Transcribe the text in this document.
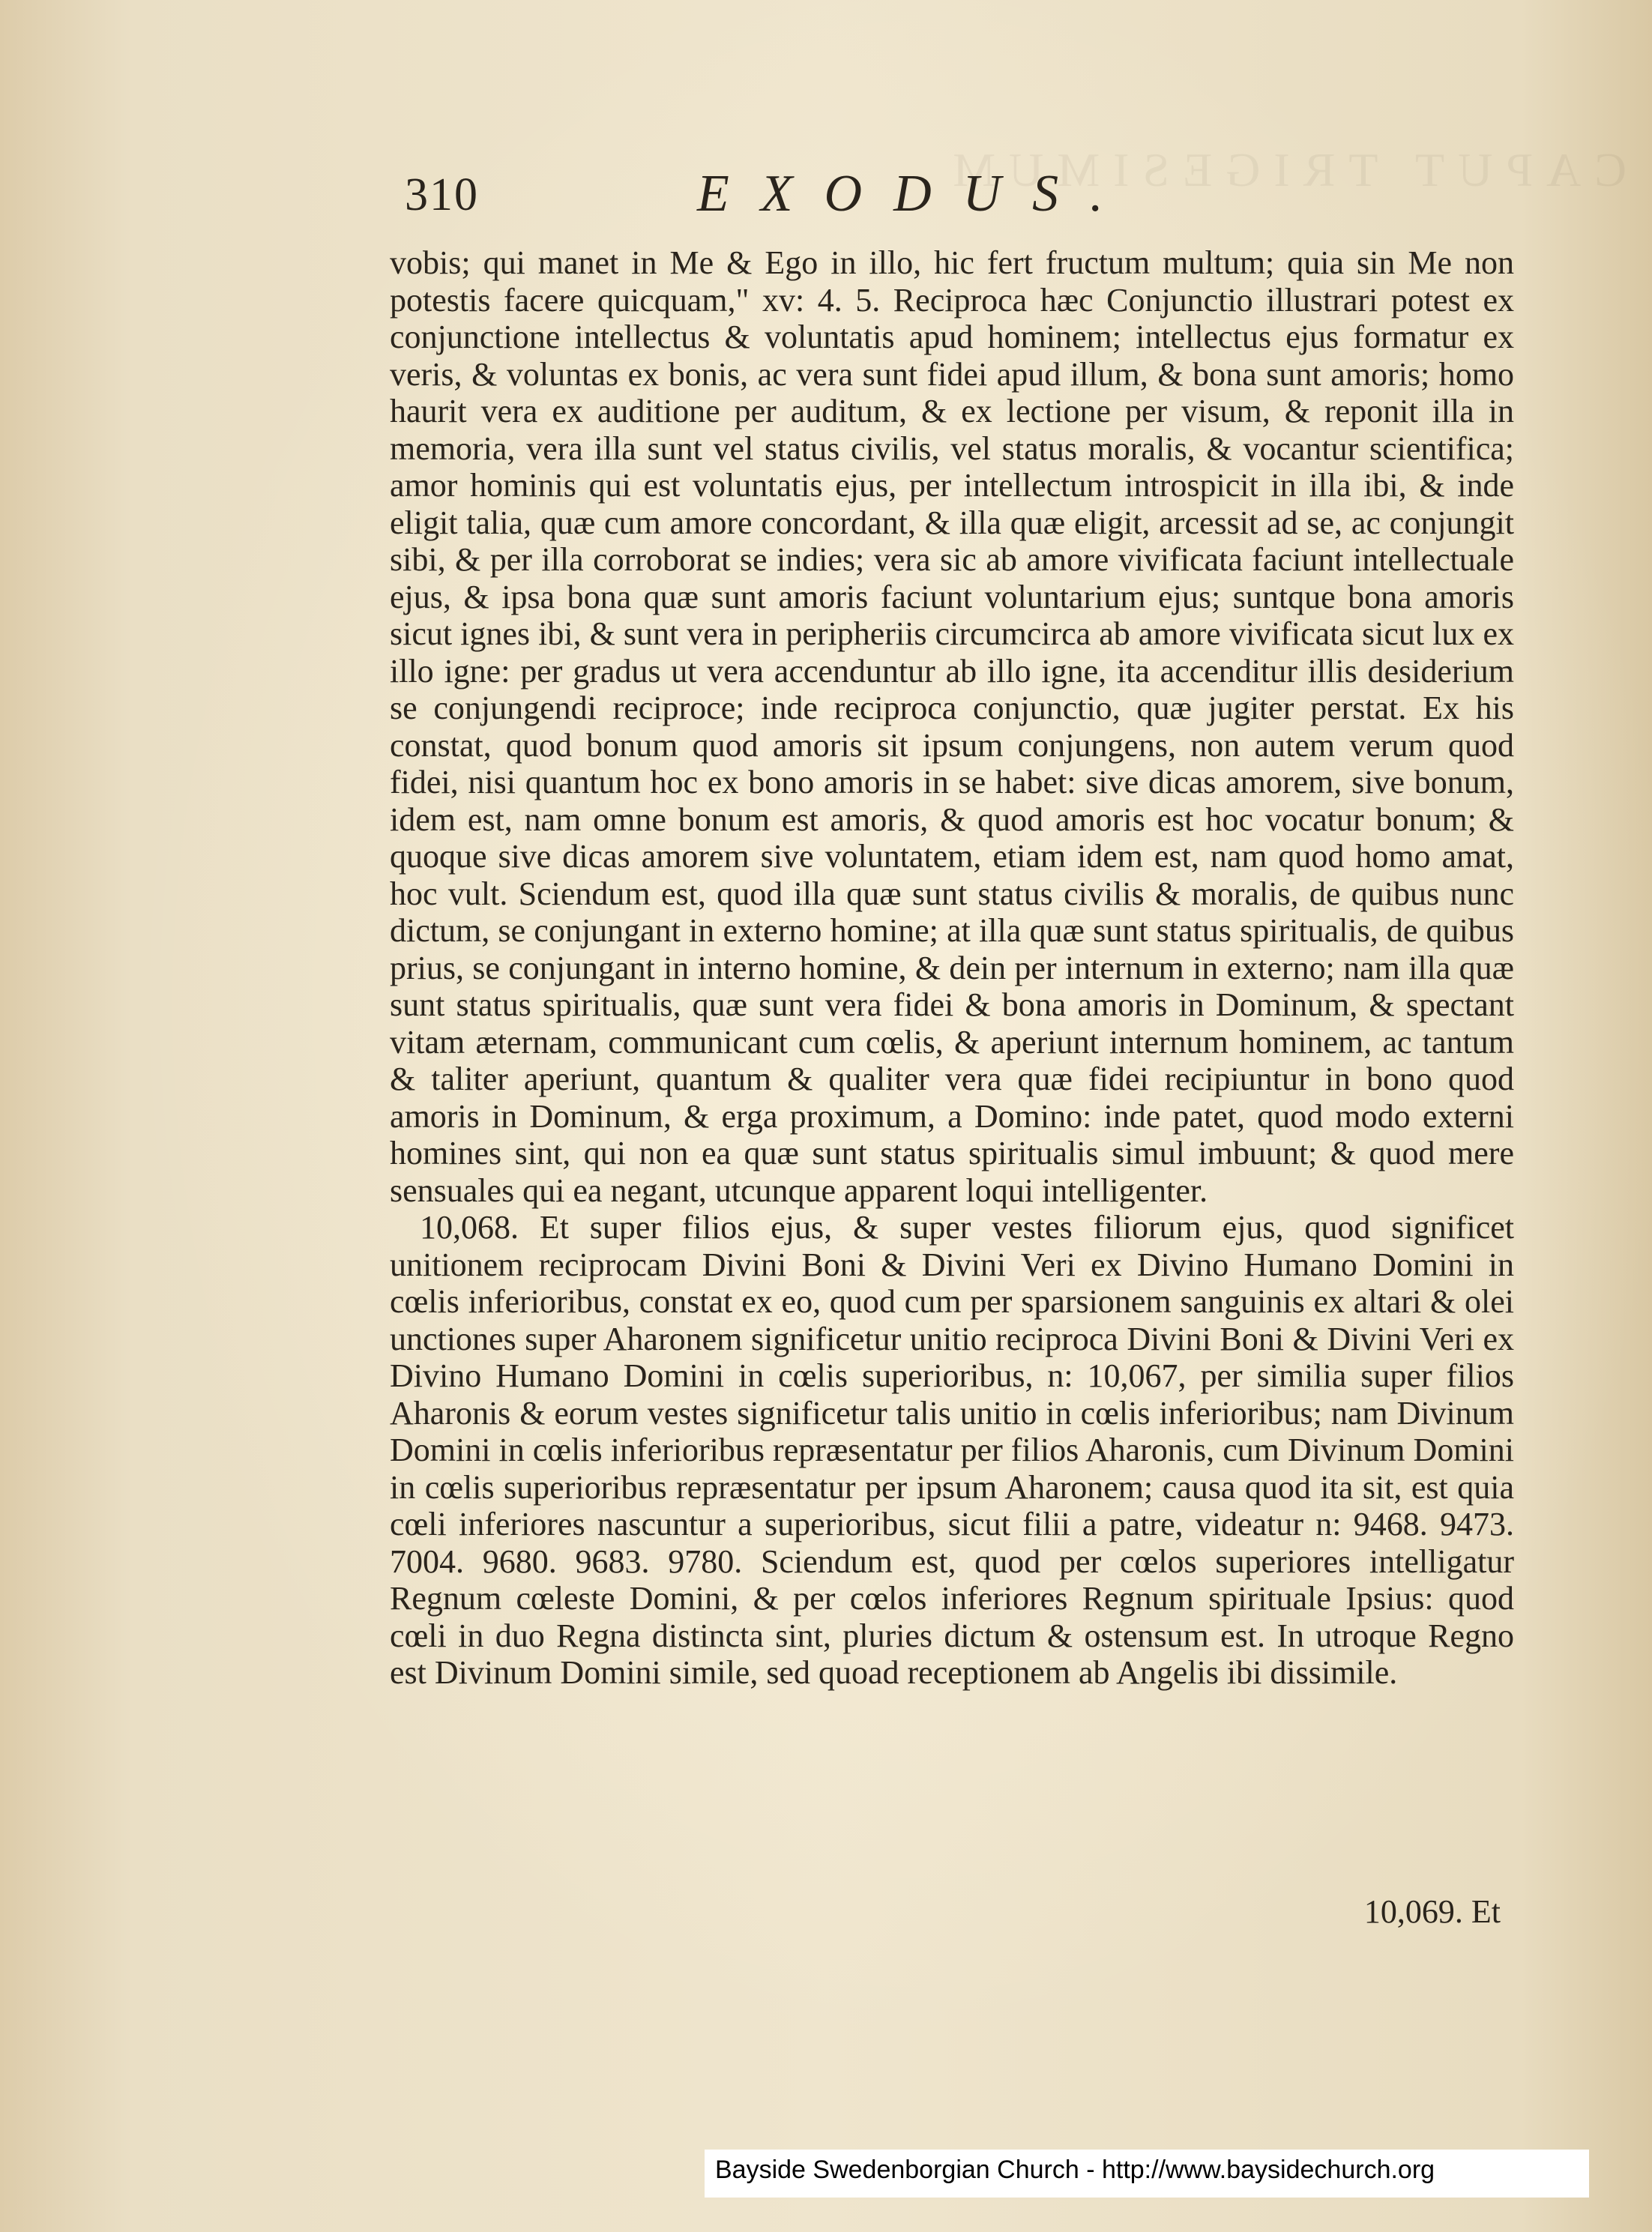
CAPUT TRIGESIMUM
310	EXODUS.

vobis; qui manet in Me & Ego in illo, hic fert fructum multum; quia sin Me non potestis facere quicquam," xv: 4. 5. Reciproca hæc Conjunctio illustrari potest ex conjunctione intellectus & voluntatis apud hominem; intellectus ejus formatur ex veris, & voluntas ex bonis, ac vera sunt fidei apud illum, & bona sunt amoris; homo haurit vera ex auditione per auditum, & ex lectione per visum, & reponit illa in memoria, vera illa sunt vel status civilis, vel status moralis, & vocantur scientifica; amor hominis qui est voluntatis ejus, per intellectum introspicit in illa ibi, & inde eligit talia, quæ cum amore concordant, & illa quæ eligit, arcessit ad se, ac conjungit sibi, & per illa corroborat se indies; vera sic ab amore vivificata faciunt intellectuale ejus, & ipsa bona quæ sunt amoris faciunt voluntarium ejus; suntque bona amoris sicut ignes ibi, & sunt vera in peripheriis circumcirca ab amore vivificata sicut lux ex illo igne: per gradus ut vera accenduntur ab illo igne, ita accenditur illis desiderium se conjungendi reciproce; inde reciproca conjunctio, quæ jugiter perstat. Ex his constat, quod bonum quod amoris sit ipsum conjungens, non autem verum quod fidei, nisi quantum hoc ex bono amoris in se habet: sive dicas amorem, sive bonum, idem est, nam omne bonum est amoris, & quod amoris est hoc vocatur bonum; & quoque sive dicas amorem sive voluntatem, etiam idem est, nam quod homo amat, hoc vult. Sciendum est, quod illa quæ sunt status civilis & moralis, de quibus nunc dictum, se conjungant in externo homine; at illa quæ sunt status spiritualis, de quibus prius, se conjungant in interno homine, & dein per internum in externo; nam illa quæ sunt status spiritualis, quæ sunt vera fidei & bona amoris in Dominum, & spectant vitam æternam, communicant cum cœlis, & aperiunt internum hominem, ac tantum & taliter aperiunt, quantum & qualiter vera quæ fidei recipiuntur in bono quod amoris in Dominum, & erga proximum, a Domino: inde patet, quod modo externi homines sint, qui non ea quæ sunt status spiritualis simul imbuunt; & quod mere sensuales qui ea negant, utcunque apparent loqui intelligenter.

10,068. Et super filios ejus, & super vestes filiorum ejus, quod significet unitionem reciprocam Divini Boni & Divini Veri ex Divino Humano Domini in cœlis inferioribus, constat ex eo, quod cum per sparsionem sanguinis ex altari & olei unctiones super Aharonem significetur unitio reciproca Divini Boni & Divini Veri ex Divino Humano Domini in cœlis superioribus, n: 10,067, per similia super filios Aharonis & eorum vestes significetur talis unitio in cœlis inferioribus; nam Divinum Domini in cœlis inferioribus repræsentatur per filios Aharonis, cum Divinum Domini in cœlis superioribus repræsentatur per ipsum Aharonem; causa quod ita sit, est quia cœli inferiores nascuntur a superioribus, sicut filii a patre, videatur n: 9468. 9473. 7004. 9680. 9683. 9780. Sciendum est, quod per cœlos superiores intelligatur Regnum cœleste Domini, & per cœlos inferiores Regnum spirituale Ipsius: quod cœli in duo Regna distincta sint, pluries dictum & ostensum est. In utroque Regno est Divinum Domini simile, sed quoad receptionem ab Angelis ibi dissimile.

10,069. Et
Bayside Swedenborgian Church - http://www.baysidechurch.org
